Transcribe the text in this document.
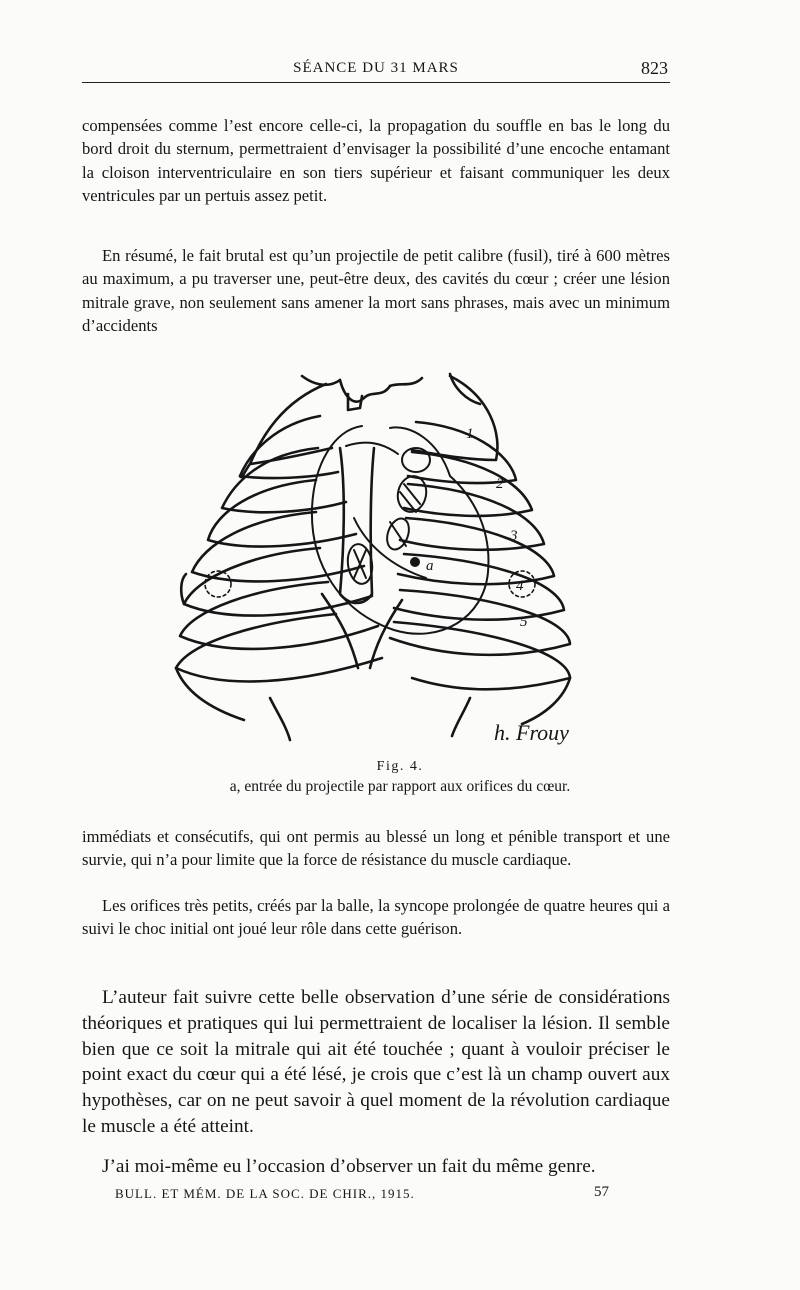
SÉANCE DU 31 MARS	823

compensées comme l’est encore celle-ci, la propagation du souffle en bas le long du bord droit du sternum, permettraient d’envisager la possibilité d’une encoche entamant la cloison interventriculaire en son tiers supérieur et faisant communiquer les deux ventricules par un pertuis assez petit.

En résumé, le fait brutal est qu’un projectile de petit calibre (fusil), tiré à 600 mètres au maximum, a pu traverser une, peut-être deux, des cavités du cœur ; créer une lésion mitrale grave, non seulement sans amener la mort sans phrases, mais avec un minimum d’accidents

1
2
3
4
5
a
h. Frouy
Fig. 4.
a, entrée du projectile par rapport aux orifices du cœur.

immédiats et consécutifs, qui ont permis au blessé un long et pénible transport et une survie, qui n’a pour limite que la force de résistance du muscle cardiaque.

Les orifices très petits, créés par la balle, la syncope prolongée de quatre heures qui a suivi le choc initial ont joué leur rôle dans cette guérison.

L’auteur fait suivre cette belle observation d’une série de considérations théoriques et pratiques qui lui permettraient de localiser la lésion. Il semble bien que ce soit la mitrale qui ait été touchée ; quant à vouloir préciser le point exact du cœur qui a été lésé, je crois que c’est là un champ ouvert aux hypothèses, car on ne peut savoir à quel moment de la révolution cardiaque le muscle a été atteint.

J’ai moi-même eu l’occasion d’observer un fait du même genre.

BULL. ET MÉM. DE LA SOC. DE CHIR., 1915.	57
